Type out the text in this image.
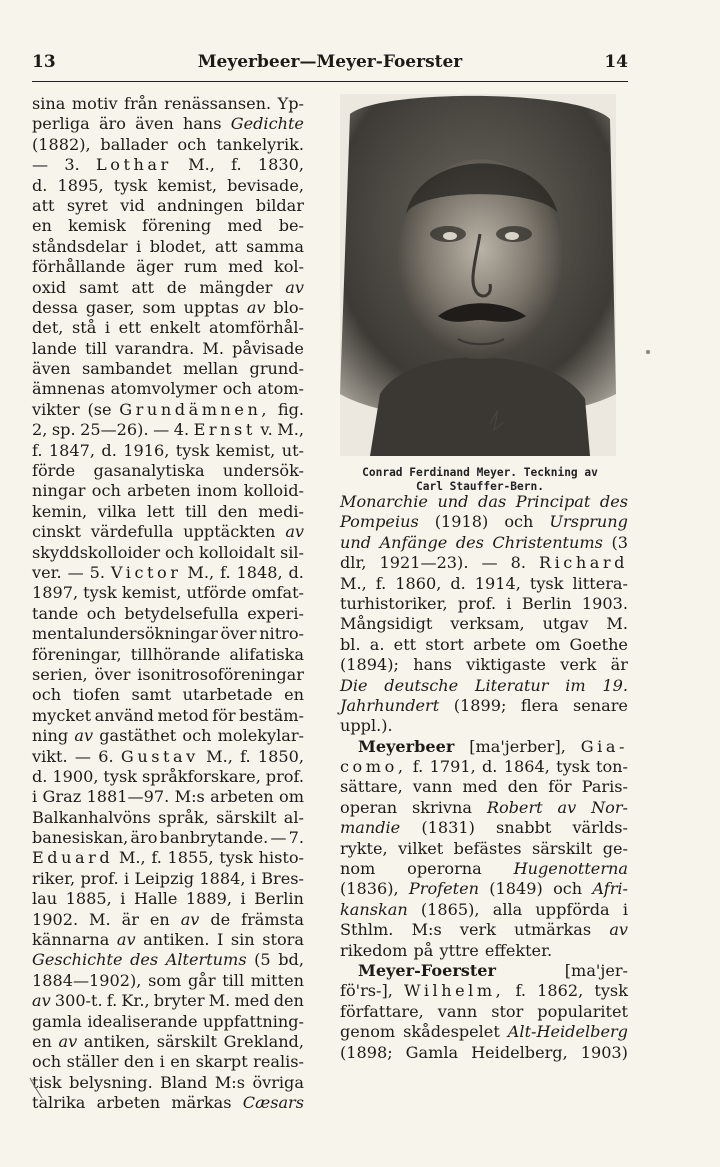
13	Meyerbeer—Meyer-Foerster	14
sina motiv från renässansen. Yp-
perliga äro även hans Gedichte
(1882), ballader och tankelyrik.
— 3. Lothar M., f. 1830,
d. 1895, tysk kemist, bevisade,
att syret vid andningen bildar
en kemisk förening med be-
ståndsdelar i blodet, att samma
förhållande äger rum med kol-
oxid samt att de mängder av
dessa gaser, som upptas av blo-
det, stå i ett enkelt atomförhål-
lande till varandra. M. påvisade
även sambandet mellan grund-
ämnenas atomvolymer och atom-
vikter (se Grundämnen, fig.
2, sp. 25—26). — 4. Ernst v. M.,
f. 1847, d. 1916, tysk kemist, ut-
förde gasanalytiska undersök-
ningar och arbeten inom kolloid-
kemin, vilka lett till den medi-
cinskt värdefulla upptäckten av
skyddskolloider och kolloidalt sil-
ver. — 5. Victor M., f. 1848, d.
1897, tysk kemist, utförde omfat-
tande och betydelsefulla experi-
mentalundersökningar över nitro-
föreningar, tillhörande alifatiska
serien, över isonitrosoföreningar
och tiofen samt utarbetade en
mycket använd metod för bestäm-
ning av gastäthet och molekylar-
vikt. — 6. Gustav M., f. 1850,
d. 1900, tysk språkforskare, prof.
i Graz 1881—97. M:s arbeten om
Balkanhalvöns språk, särskilt al-
banesiskan, äro banbrytande. — 7.
Eduard M., f. 1855, tysk histo-
riker, prof. i Leipzig 1884, i Bres-
lau 1885, i Halle 1889, i Berlin
1902. M. är en av de främsta
kännarna av antiken. I sin stora
Geschichte des Altertums (5 bd,
1884—1902), som går till mitten
av 300-t. f. Kr., bryter M. med den
gamla idealiserande uppfattning-
en av antiken, särskilt Grekland,
och ställer den i en skarpt realis-
tisk belysning. Bland M:s övriga
talrika arbeten märkas Cæsars
Conrad Ferdinand Meyer. Teckning av
Carl Stauffer-Bern.
Monarchie und das Principat des
Pompeius (1918) och Ursprung
und Anfänge des Christentums (3
dlr, 1921—23). — 8. Richard
M., f. 1860, d. 1914, tysk littera-
turhistoriker, prof. i Berlin 1903.
Mångsidigt verksam, utgav M.
bl. a. ett stort arbete om Goethe
(1894); hans viktigaste verk är
Die deutsche Literatur im 19.
Jahrhundert (1899; flera senare
uppl.).
Meyerbeer [ma'jerber], Gia-
como, f. 1791, d. 1864, tysk ton-
sättare, vann med den för Paris-
operan skrivna Robert av Nor-
mandie (1831) snabbt världs-
rykte, vilket befästes särskilt ge-
nom operorna Hugenotterna
(1836), Profeten (1849) och Afri-
kanskan (1865), alla uppförda i
Sthlm. M:s verk utmärkas av
rikedom på yttre effekter.
Meyer-Foerster	[ma'jer-
fö'rs-], Wilhelm, f. 1862, tysk
författare, vann stor popularitet
genom skådespelet Alt-Heidelberg
(1898; Gamla Heidelberg, 1903)
